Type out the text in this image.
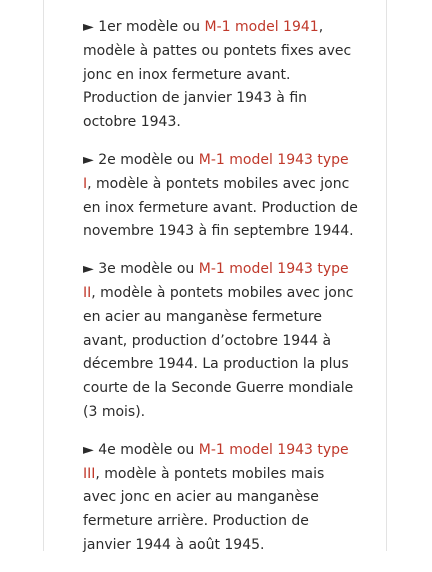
► 1er modèle ou M-1 model 1941, modèle à pattes ou pontets fixes avec jonc en inox fermeture avant. Production de janvier 1943 à fin octobre 1943.

► 2e modèle ou M-1 model 1943 type I, modèle à pontets mobiles avec jonc en inox fermeture avant. Production de novembre 1943 à fin septembre 1944.

► 3e modèle ou M-1 model 1943 type II, modèle à pontets mobiles avec jonc en acier au manganèse fermeture avant, production d’octobre 1944 à décembre 1944. La production la plus courte de la Seconde Guerre mondiale (3 mois).

► 4e modèle ou M-1 model 1943 type III, modèle à pontets mobiles mais avec jonc en acier au manganèse fermeture arrière. Production de janvier 1944 à août 1945.
